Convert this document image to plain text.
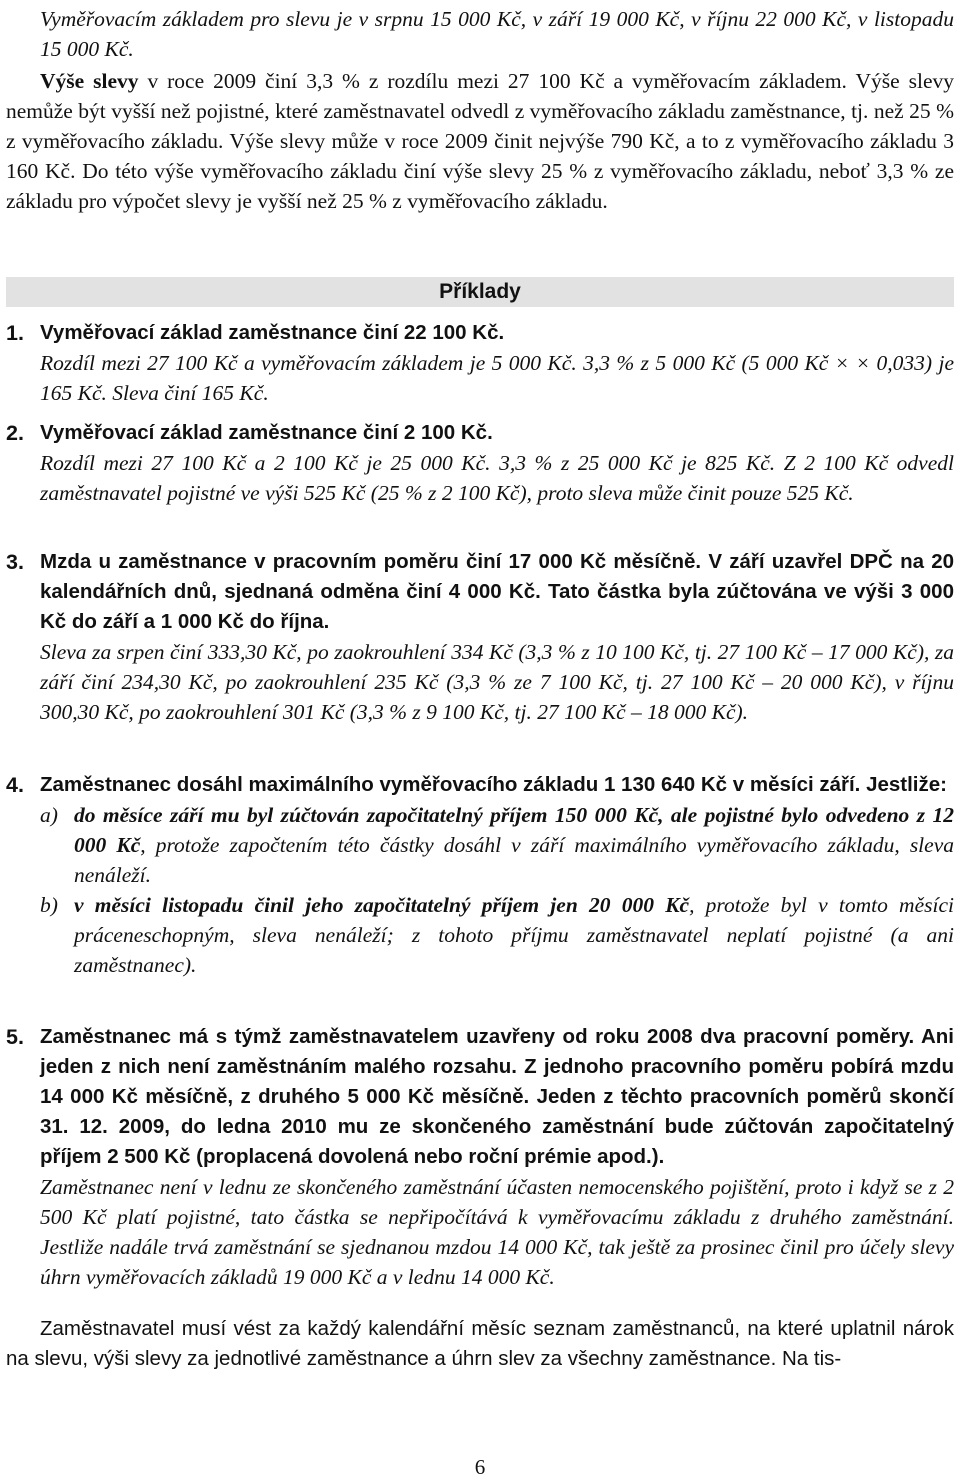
Vyměřovacím základem pro slevu je v srpnu 15 000 Kč, v září 19 000 Kč, v říjnu 22 000 Kč, v listopadu 15 000 Kč.

Výše slevy v roce 2009 činí 3,3 % z rozdílu mezi 27 100 Kč a vyměřovacím základem. Výše slevy nemůže být vyšší než pojistné, které zaměstnavatel odvedl z vyměřovacího základu zaměstnance, tj. než 25 % z vyměřovacího základu. Výše slevy může v roce 2009 činit nejvýše 790 Kč, a to z vyměřovacího základu 3 160 Kč. Do této výše vyměřovacího základu činí výše slevy 25 % z vyměřovacího základu, neboť 3,3 % ze základu pro výpočet slevy je vyšší než 25 % z vyměřovacího základu.

Příklady
1. Vyměřovací základ zaměstnance činí 22 100 Kč.
Rozdíl mezi 27 100 Kč a vyměřovacím základem je 5 000 Kč. 3,3 % z 5 000 Kč (5 000 Kč × × 0,033) je 165 Kč. Sleva činí 165 Kč.
2. Vyměřovací základ zaměstnance činí 2 100 Kč.
Rozdíl mezi 27 100 Kč a 2 100 Kč je 25 000 Kč. 3,3 % z 25 000 Kč je 825 Kč. Z 2 100 Kč odvedl zaměstnavatel pojistné ve výši 525 Kč (25 % z 2 100 Kč), proto sleva může činit pouze 525 Kč.
3. Mzda u zaměstnance v pracovním poměru činí 17 000 Kč měsíčně. V září uzavřel DPČ na 20 kalendářních dnů, sjednaná odměna činí 4 000 Kč. Tato částka byla zúčtována ve výši 3 000 Kč do září a 1 000 Kč do října.
Sleva za srpen činí 333,30 Kč, po zaokrouhlení 334 Kč (3,3 % z 10 100 Kč, tj. 27 100 Kč – 17 000 Kč), za září činí 234,30 Kč, po zaokrouhlení 235 Kč (3,3 % ze 7 100 Kč, tj. 27 100 Kč – 20 000 Kč), v říjnu 300,30 Kč, po zaokrouhlení 301 Kč (3,3 % z 9 100 Kč, tj. 27 100 Kč – 18 000 Kč).
4. Zaměstnanec dosáhl maximálního vyměřovacího základu 1 130 640 Kč v měsíci září. Jestliže:
a) do měsíce září mu byl zúčtován započitatelný příjem 150 000 Kč, ale pojistné bylo odvedeno z 12 000 Kč, protože započtením této částky dosáhl v září maximálního vyměřovacího základu, sleva nenáleží.

b) v měsíci listopadu činil jeho započitatelný příjem jen 20 000 Kč, protože byl v tomto měsíci práceneschopným, sleva nenáleží; z tohoto příjmu zaměstnavatel neplatí pojistné (a ani zaměstnanec).

5. Zaměstnanec má s týmž zaměstnavatelem uzavřeny od roku 2008 dva pracovní poměry. Ani jeden z nich není zaměstnáním malého rozsahu. Z jednoho pracovního poměru pobírá mzdu 14 000 Kč měsíčně, z druhého 5 000 Kč měsíčně. Jeden z těchto pracovních poměrů skončí 31. 12. 2009, do ledna 2010 mu ze skončeného zaměstnání bude zúčtován započitatelný příjem 2 500 Kč (proplacená dovolená nebo roční prémie apod.).
Zaměstnanec není v lednu ze skončeného zaměstnání účasten nemocenského pojištění, proto i když se z 2 500 Kč platí pojistné, tato částka se nepřipočítává k vyměřovacímu základu z druhého zaměstnání. Jestliže nadále trvá zaměstnání se sjednanou mzdou 14 000 Kč, tak ještě za prosinec činil pro účely slevy úhrn vyměřovacích základů 19 000 Kč a v lednu 14 000 Kč.

Zaměstnavatel musí vést za každý kalendářní měsíc seznam zaměstnanců, na které uplatnil nárok na slevu, výši slevy za jednotlivé zaměstnance a úhrn slev za všechny zaměstnance. Na tis-

6
